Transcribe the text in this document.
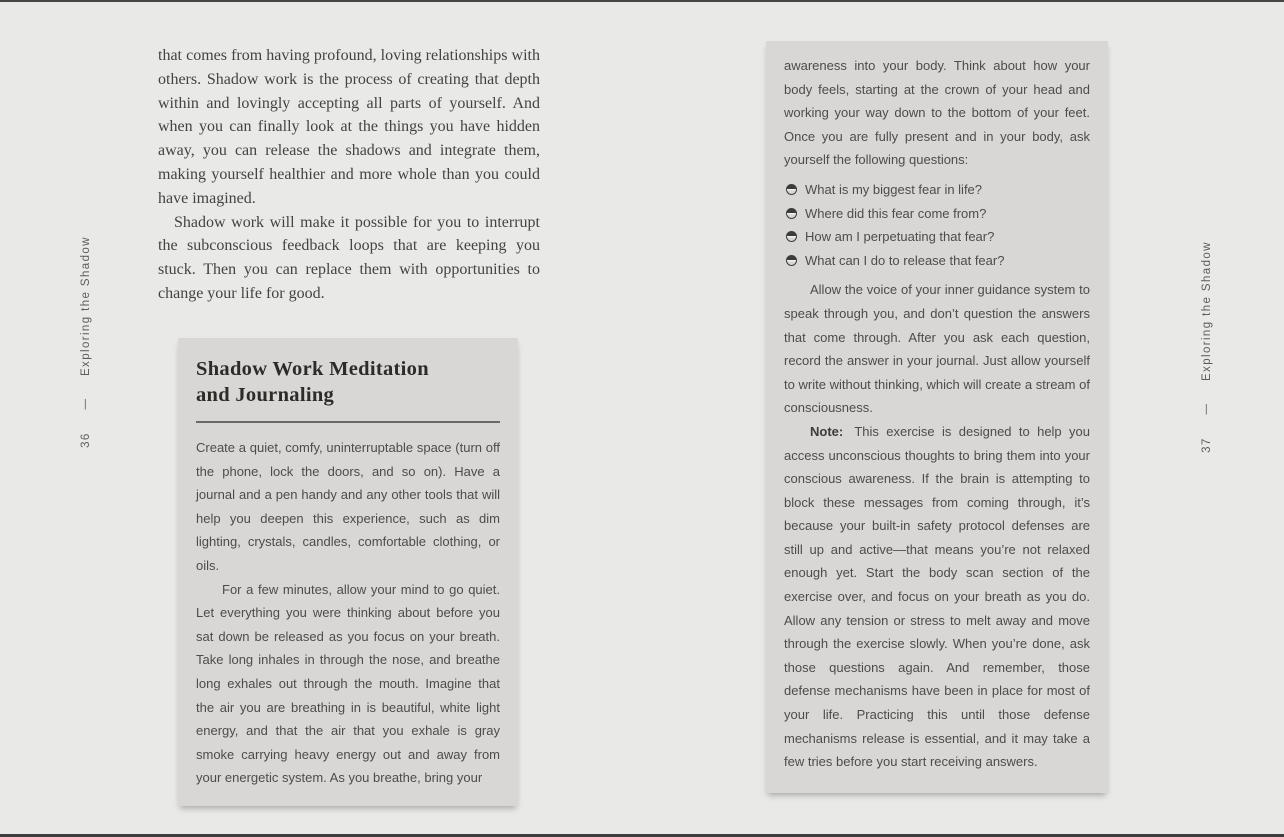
36
|
Exploring the Shadow
37
|
Exploring the Shadow

that comes from having profound, loving relationships with others. Shadow work is the process of creating that depth within and lovingly accepting all parts of yourself. And when you can finally look at the things you have hidden away, you can release the shadows and integrate them, making yourself healthier and more whole than you could have imagined.

Shadow work will make it possible for you to interrupt the subconscious feedback loops that are keeping you stuck. Then you can replace them with opportunities to change your life for good.

Shadow Work Meditation
and Journaling

Create a quiet, comfy, uninterruptable space (turn off the phone, lock the doors, and so on). Have a journal and a pen handy and any other tools that will help you deepen this experience, such as dim lighting, crystals, candles, comfortable clothing, or oils.

For a few minutes, allow your mind to go quiet. Let everything you were thinking about before you sat down be released as you focus on your breath. Take long inhales in through the nose, and breathe long exhales out through the mouth. Imagine that the air you are breathing in is beautiful, white light energy, and that the air that you exhale is gray smoke carrying heavy energy out and away from your energetic system. As you breathe, bring your

awareness into your body. Think about how your body feels, starting at the crown of your head and working your way down to the bottom of your feet. Once you are fully present and in your body, ask yourself the following questions:

What is my biggest fear in life?
Where did this fear come from?
How am I perpetuating that fear?
What can I do to release that fear?

Allow the voice of your inner guidance system to speak through you, and don’t question the answers that come through. After you ask each question, record the answer in your journal. Just allow yourself to write without thinking, which will create a stream of consciousness.

Note: This exercise is designed to help you access unconscious thoughts to bring them into your conscious awareness. If the brain is attempting to block these messages from coming through, it’s because your built-in safety protocol defenses are still up and active—that means you’re not relaxed enough yet. Start the body scan section of the exercise over, and focus on your breath as you do. Allow any tension or stress to melt away and move through the exercise slowly. When you’re done, ask those questions again. And remember, those defense mechanisms have been in place for most of your life. Practicing this until those defense mechanisms release is essential, and it may take a few tries before you start receiving answers.
